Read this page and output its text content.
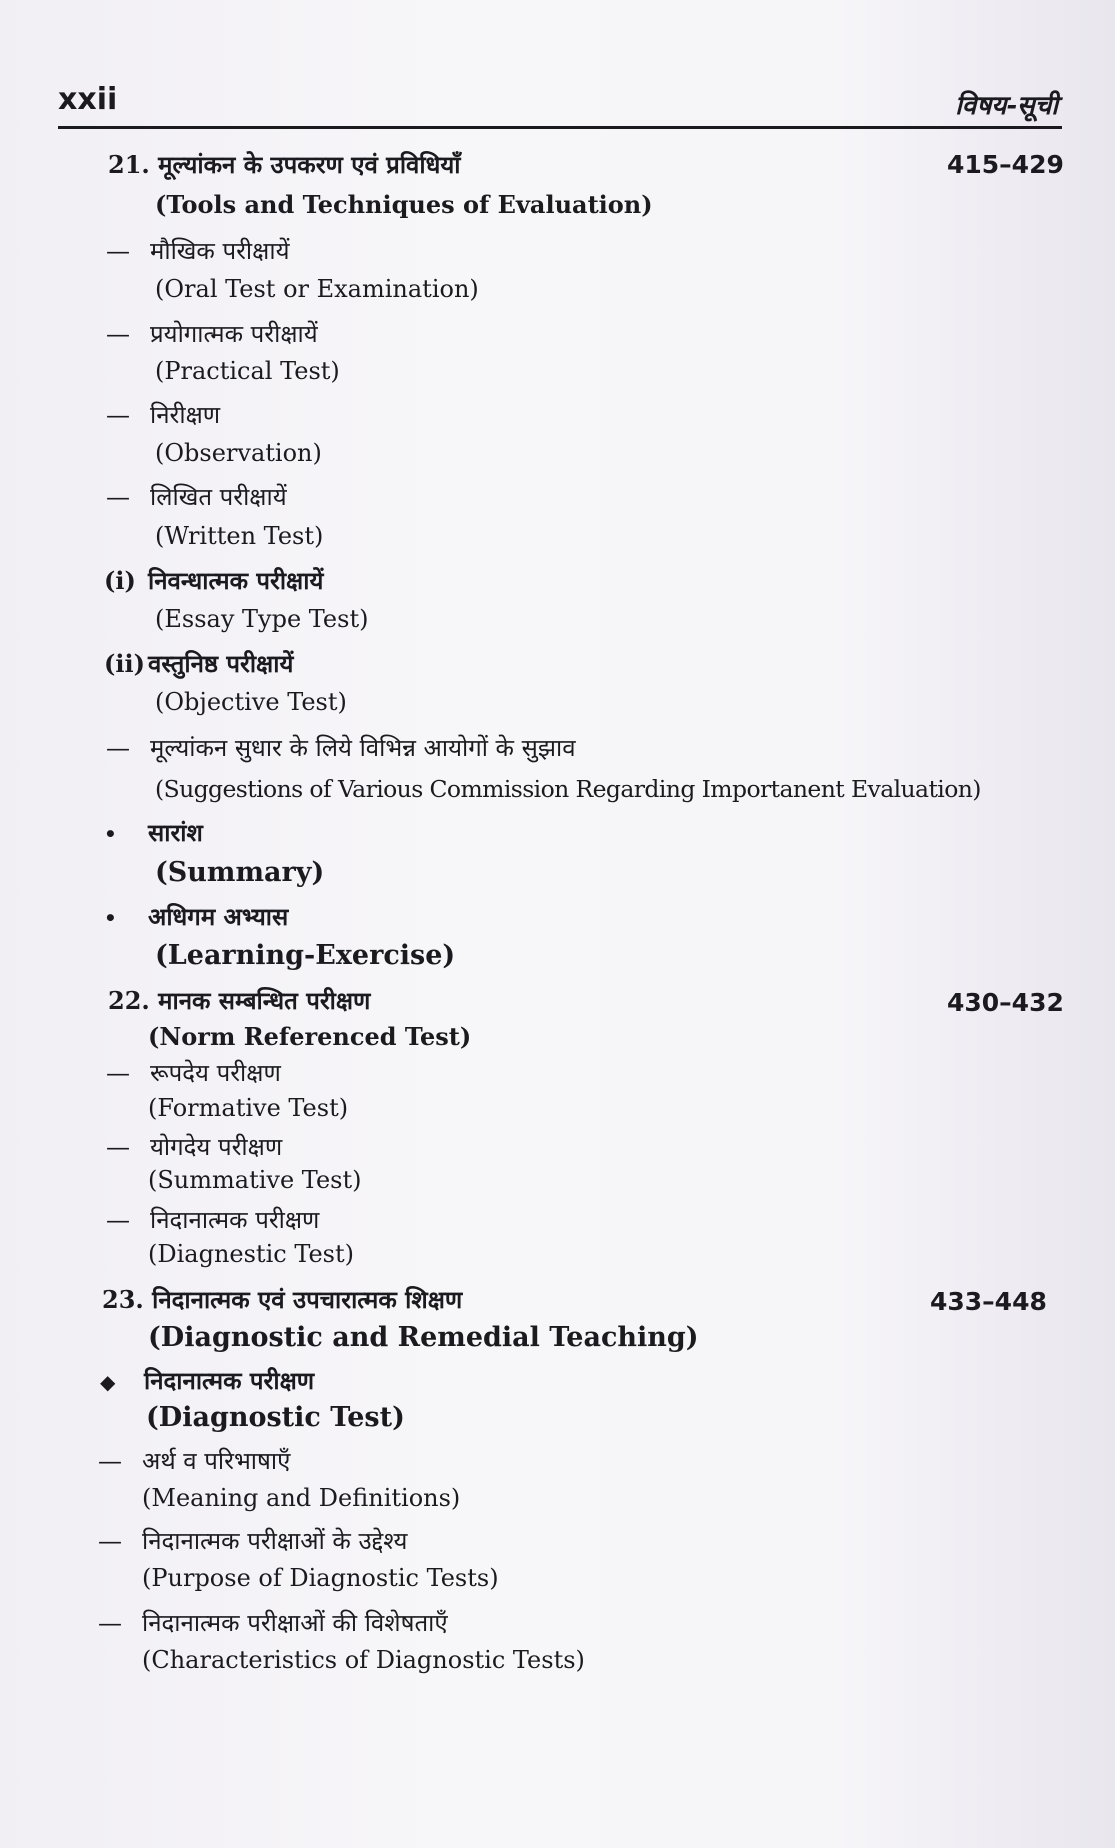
xxii	विषय-सूची
21. मूल्यांकन के उपकरण एवं प्रविधियाँ	415–429
(Tools and Techniques of Evaluation)
— मौखिक परीक्षायें
(Oral Test or Examination)
— प्रयोगात्मक परीक्षायें
(Practical Test)
— निरीक्षण
(Observation)
— लिखित परीक्षायें
(Written Test)
(i) निवन्धात्मक परीक्षायें
(Essay Type Test)
(ii) वस्तुनिष्ठ परीक्षायें
(Objective Test)
— मूल्यांकन सुधार के लिये विभिन्न आयोगों के सुझाव
(Suggestions of Various Commission Regarding Importanent Evaluation)
• सारांश
(Summary)
• अधिगम अभ्यास
(Learning-Exercise)
22. मानक सम्बन्धित परीक्षण	430–432
(Norm Referenced Test)
— रूपदेय परीक्षण
(Formative Test)
— योगदेय परीक्षण
(Summative Test)
— निदानात्मक परीक्षण
(Diagnestic Test)
23. निदानात्मक एवं उपचारात्मक शिक्षण	433–448
(Diagnostic and Remedial Teaching)
◆ निदानात्मक परीक्षण
(Diagnostic Test)
— अर्थ व परिभाषाएँ
(Meaning and Definitions)
— निदानात्मक परीक्षाओं के उद्देश्य
(Purpose of Diagnostic Tests)
— निदानात्मक परीक्षाओं की विशेषताएँ
(Characteristics of Diagnostic Tests)
